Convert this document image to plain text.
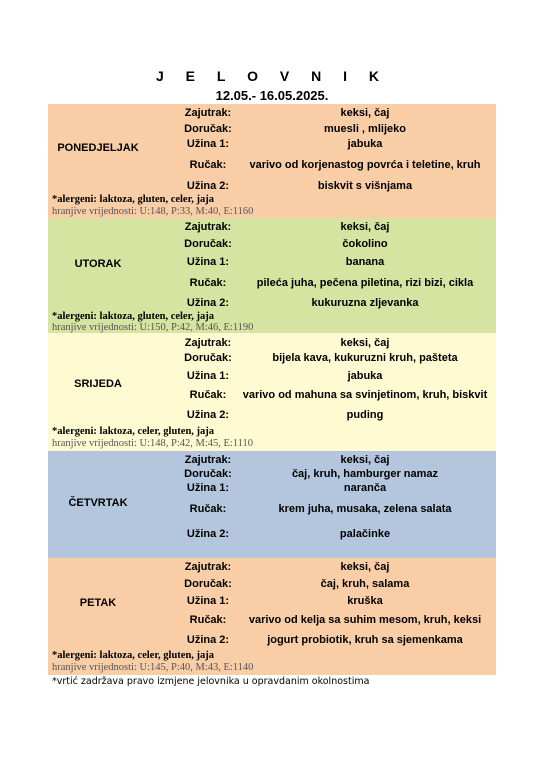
J E L O V N I K
12.05.- 16.05.2025.
PONEDJELJAK
Zajutrak:	keksi, čaj
Doručak:	muesli , mlijeko
Užina 1:	jabuka
Ručak:	varivo od korjenastog povrća i teletine, kruh
Užina 2:	biskvit s višnjama
*alergeni: laktoza, gluten, celer, jaja
hranjive vrijednosti: U:148, P:33, M:40, E:1160
UTORAK
Zajutrak:	keksi, čaj
Doručak:	čokolino
Užina 1:	banana
Ručak:	pileća juha, pečena piletina, rizi bizi, cikla
Užina 2:	kukuruzna zljevanka
*alergeni: laktoza, gluten, celer, jaja
hranjive vrijednosti: U:150, P:42, M:46, E:1190
SRIJEDA
Zajutrak:	keksi, čaj
Doručak:	bijela kava, kukuruzni kruh, pašteta
Užina 1:	jabuka
Ručak:	varivo od mahuna sa svinjetinom, kruh, biskvit
Užina 2:	puding
*alergeni: laktoza, celer, gluten, jaja
hranjive vrijednosti: U:148, P:42, M:45, E:1110
ČETVRTAK
Zajutrak:	keksi, čaj
Doručak:	čaj, kruh, hamburger namaz
Užina 1:	naranča
Ručak:	krem juha, musaka, zelena salata
Užina 2:	palačinke
PETAK
Zajutrak:	keksi, čaj
Doručak:	čaj, kruh, salama
Užina 1:	kruška
Ručak:	varivo od kelja sa suhim mesom, kruh, keksi
Užina 2:	jogurt probiotik, kruh sa sjemenkama
*alergeni: laktoza, celer, gluten, jaja
hranjive vrijednosti: U:145, P:40, M:43, E:1140
*vrtić zadržava pravo izmjene jelovnika u opravdanim okolnostima
